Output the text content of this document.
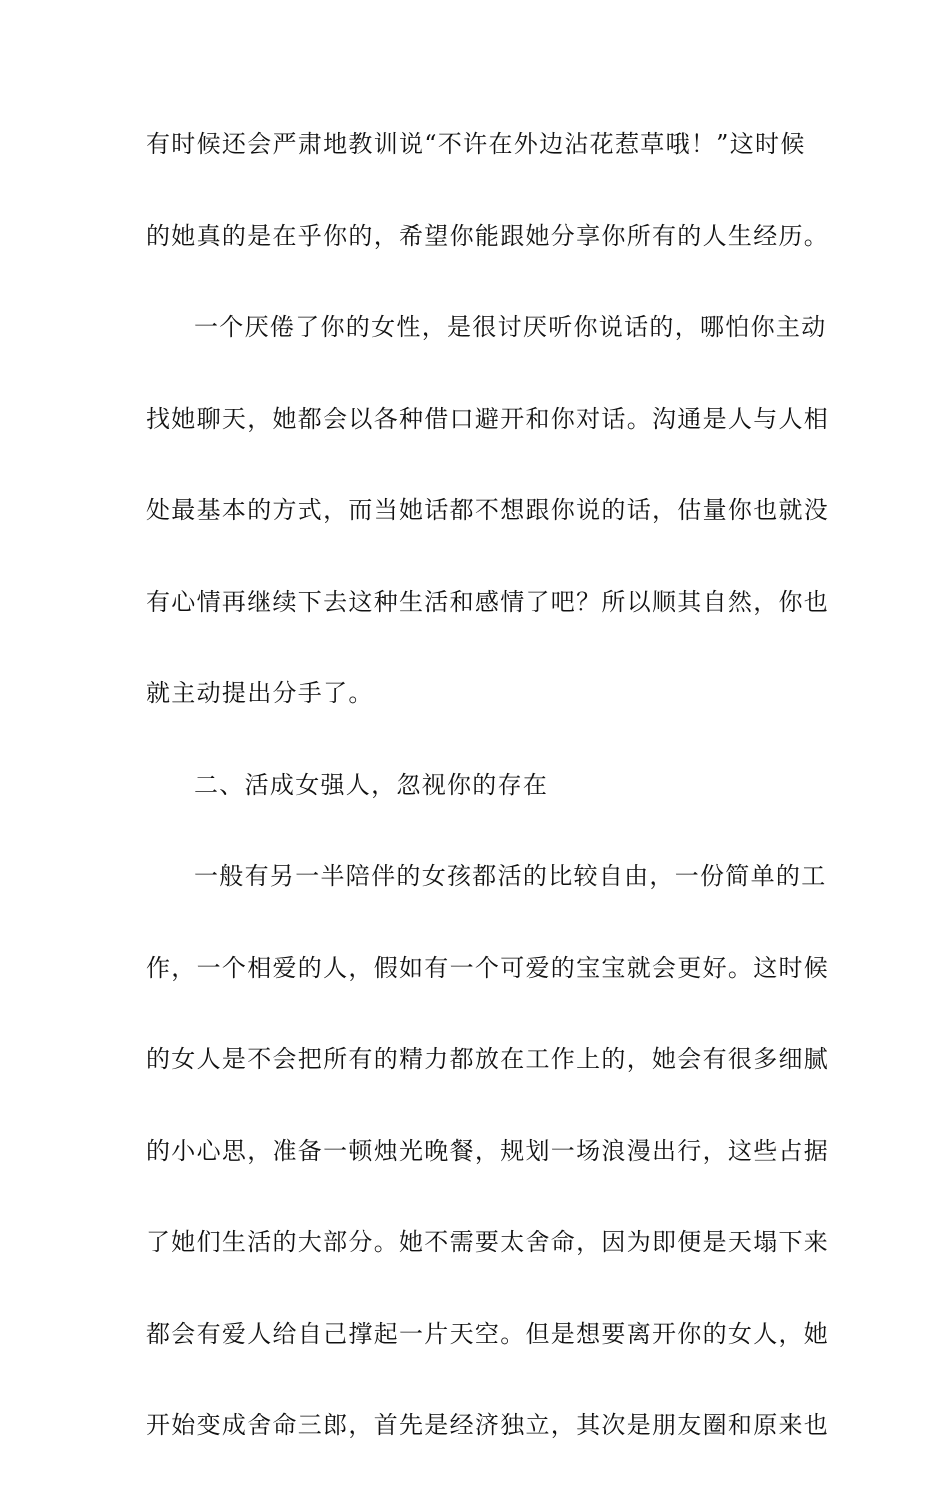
有时候还会严肃地教训说“不许在外边沾花惹草哦！”这时候
的她真的是在乎你的，希望你能跟她分享你所有的人生经历。
一个厌倦了你的女性，是很讨厌听你说话的，哪怕你主动
找她聊天，她都会以各种借口避开和你对话。沟通是人与人相
处最基本的方式，而当她话都不想跟你说的话，估量你也就没
有心情再继续下去这种生活和感情了吧？所以顺其自然，你也
就主动提出分手了。
二、活成女强人，忽视你的存在
一般有另一半陪伴的女孩都活的比较自由，一份简单的工
作，一个相爱的人，假如有一个可爱的宝宝就会更好。这时候
的女人是不会把所有的精力都放在工作上的，她会有很多细腻
的小心思，准备一顿烛光晚餐，规划一场浪漫出行，这些占据
了她们生活的大部分。她不需要太舍命，因为即便是天塌下来
都会有爱人给自己撑起一片天空。但是想要离开你的女人，她
开始变成舍命三郎，首先是经济独立，其次是朋友圈和原来也
